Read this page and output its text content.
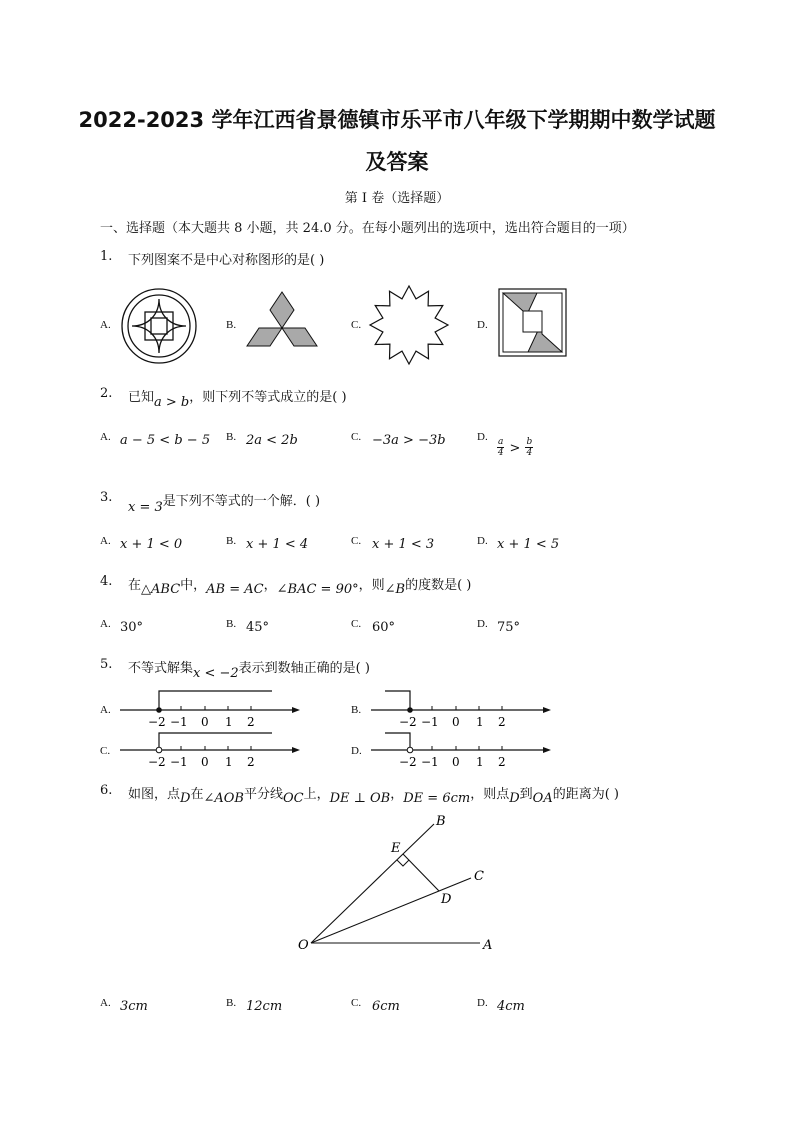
2022-2023 学年江西省景德镇市乐平市八年级下学期期中数学试题
及答案
第 I 卷（选择题）
一、选择题（本大题共 8 小题，共 24.0 分。在每小题列出的选项中，选出符合题目的一项）
1. 下列图案不是中心对称图形的是( )
A.	B.	C.	D.
2. 已知a > b，则下列不等式成立的是( )
A. a − 5 < b − 5 B. 2a < 2b	C. −3a > −3b	D. $\frac{a}{4} > \frac{b}{4}$
3.
x = 3是下列不等式的一个解．( )
A. x + 1 < 0	B. x + 1 < 4	C. x + 1 < 3	D. x + 1 < 5
4. 在△ABC中，AB = AC，∠BAC = 90°，则∠B的度数是( )
A. 30°	B. 45°	C. 60°	D. 75°
5. 不等式解集x < −2表示到数轴正确的是( )
A.
−2 −1 0 1 2
B.
−2 −1 0 1 2
C.
−2 −1 0 1 2
D.
−2 −1 0 1 2
6. 如图，点D在∠AOB平分线OC上，DE ⊥ OB，DE = 6cm，则点D到OA的距离为( )
B
E
C
D
O	A
A. 3cm	B. 12cm	C. 6cm	D. 4cm
